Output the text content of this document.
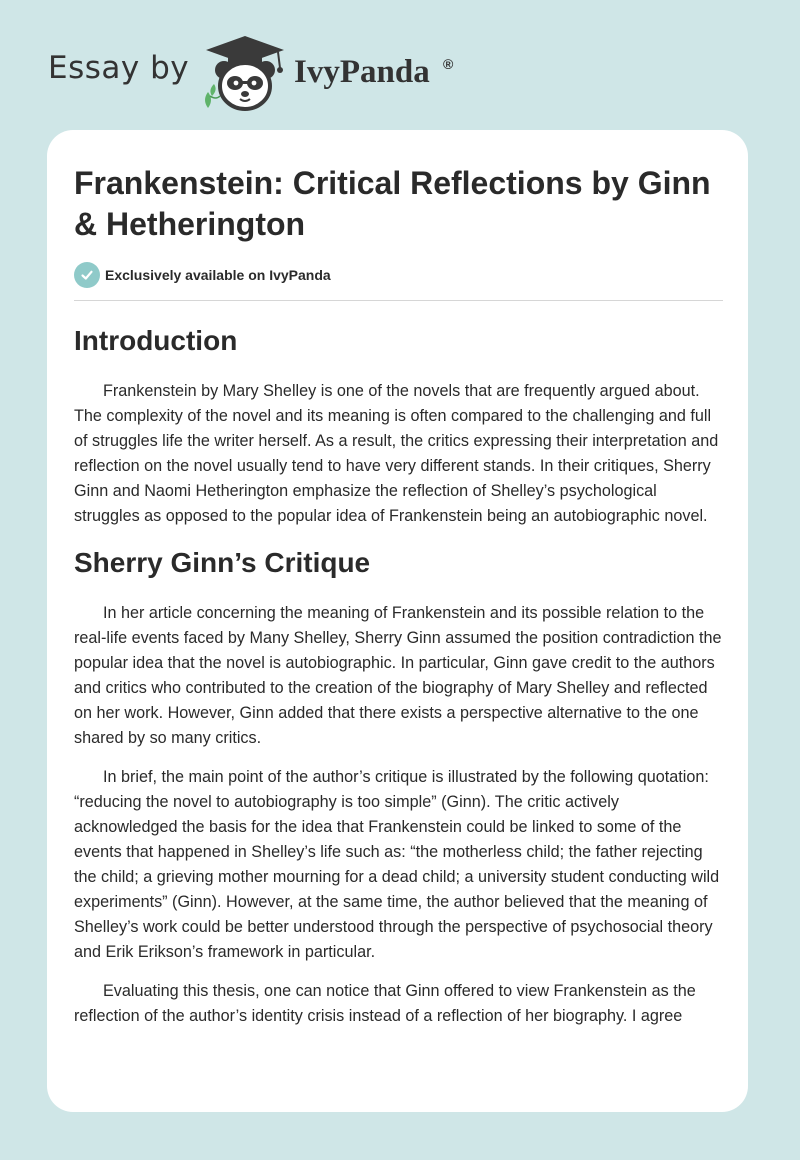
Essay by	IvyPanda ®
Frankenstein: Critical Reflections by Ginn & Hetherington
Exclusively available on IvyPanda
Introduction

Frankenstein by Mary Shelley is one of the novels that are frequently argued about. The complexity of the novel and its meaning is often compared to the challenging and full of struggles life the writer herself. As a result, the critics expressing their interpretation and reflection on the novel usually tend to have very different stands. In their critiques, Sherry Ginn and Naomi Hetherington emphasize the reflection of Shelley’s psychological struggles as opposed to the popular idea of Frankenstein being an autobiographic novel.

Sherry Ginn’s Critique

In her article concerning the meaning of Frankenstein and its possible relation to the real-life events faced by Many Shelley, Sherry Ginn assumed the position contradiction the popular idea that the novel is autobiographic. In particular, Ginn gave credit to the authors and critics who contributed to the creation of the biography of Mary Shelley and reflected on her work. However, Ginn added that there exists a perspective alternative to the one shared by so many critics.

In brief, the main point of the author’s critique is illustrated by the following quotation: “reducing the novel to autobiography is too simple” (Ginn). The critic actively acknowledged the basis for the idea that Frankenstein could be linked to some of the events that happened in Shelley’s life such as: “the motherless child; the father rejecting the child; a grieving mother mourning for a dead child; a university student conducting wild experiments” (Ginn). However, at the same time, the author believed that the meaning of Shelley’s work could be better understood through the perspective of psychosocial theory and Erik Erikson’s framework in particular.

Evaluating this thesis, one can notice that Ginn offered to view Frankenstein as the reflection of the author’s identity crisis instead of a reflection of her biography. I agree
